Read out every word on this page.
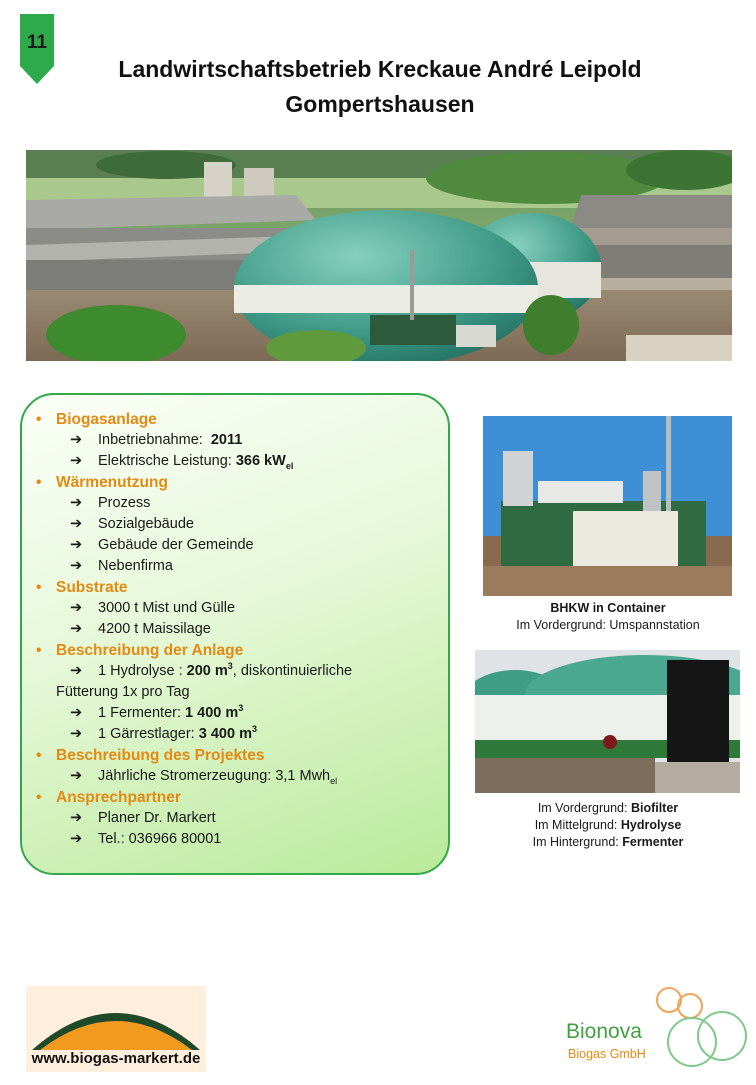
11
Landwirtschaftsbetrieb Kreckaue André Leipold
Gompertshausen
• Biogasanlage
➔ Inbetriebnahme: 2011
➔ Elektrische Leistung: 366 $kW_{el}$
• Wärmenutzung
➔ Prozess
➔ Sozialgebäude
➔ Gebäude der Gemeinde
➔ Nebenfirma
• Substrate
➔ 3000 t Mist und Gülle
➔ 4200 t Maissilage
• Beschreibung der Anlage
➔ 1 Hydrolyse : 200 $m^3$, diskontinuierliche
Fütterung 1x pro Tag
➔ 1 Fermenter: 1 400 $m^3$
➔ 1 Gärrestlager: 3 400 $m^3$
• Beschreibung des Projektes
➔ Jährliche Stromerzeugung: 3,1 Mwh$_{el}$
• Ansprechpartner
➔ Planer Dr. Markert
➔ Tel.: 036966 80001
BHKW in Container
Im Vordergrund: Umspannstation
Im Vordergrund: Biofilter
Im Mittelgrund: Hydrolyse
Im Hintergrund: Fermenter
www.biogas-markert.de
Bionova
Biogas GmbH
